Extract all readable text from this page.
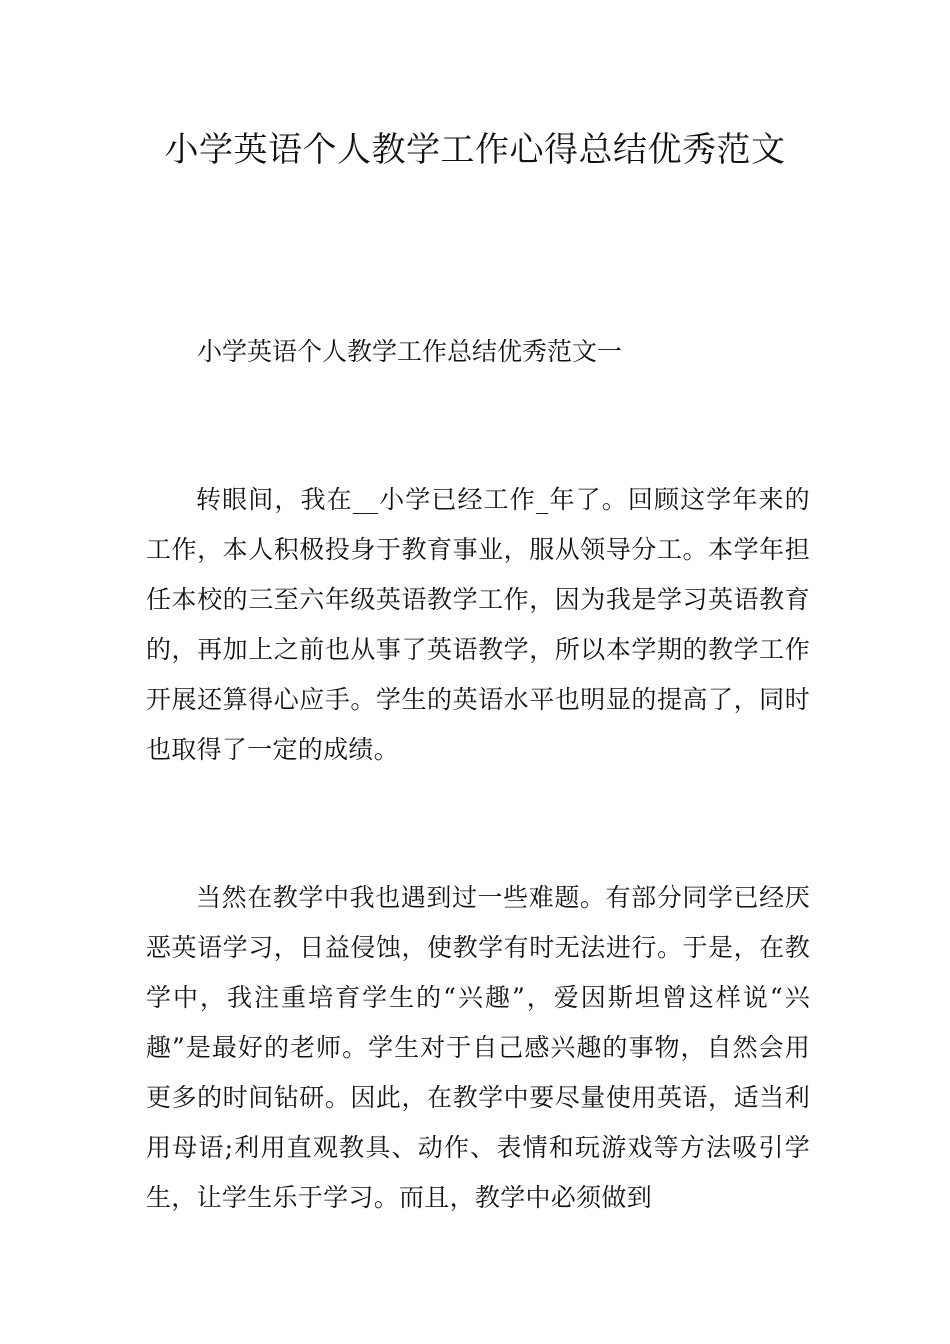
小学英语个人教学工作心得总结优秀范文
小学英语个人教学工作总结优秀范文一

转眼间，我在__小学已经工作_年了。回顾这学年来的工作，本人积极投身于教育事业，服从领导分工。本学年担任本校的三至六年级英语教学工作，因为我是学习英语教育的，再加上之前也从事了英语教学，所以本学期的教学工作开展还算得心应手。学生的英语水平也明显的提高了，同时也取得了一定的成绩。

当然在教学中我也遇到过一些难题。有部分同学已经厌恶英语学习，日益侵蚀，使教学有时无法进行。于是，在教学中，我注重培育学生的“兴趣”，爱因斯坦曾这样说“兴趣”是最好的老师。学生对于自己感兴趣的事物，自然会用更多的时间钻研。因此，在教学中要尽量使用英语，适当利用母语;利用直观教具、动作、表情和玩游戏等方法吸引学生，让学生乐于学习。而且，教学中必须做到
